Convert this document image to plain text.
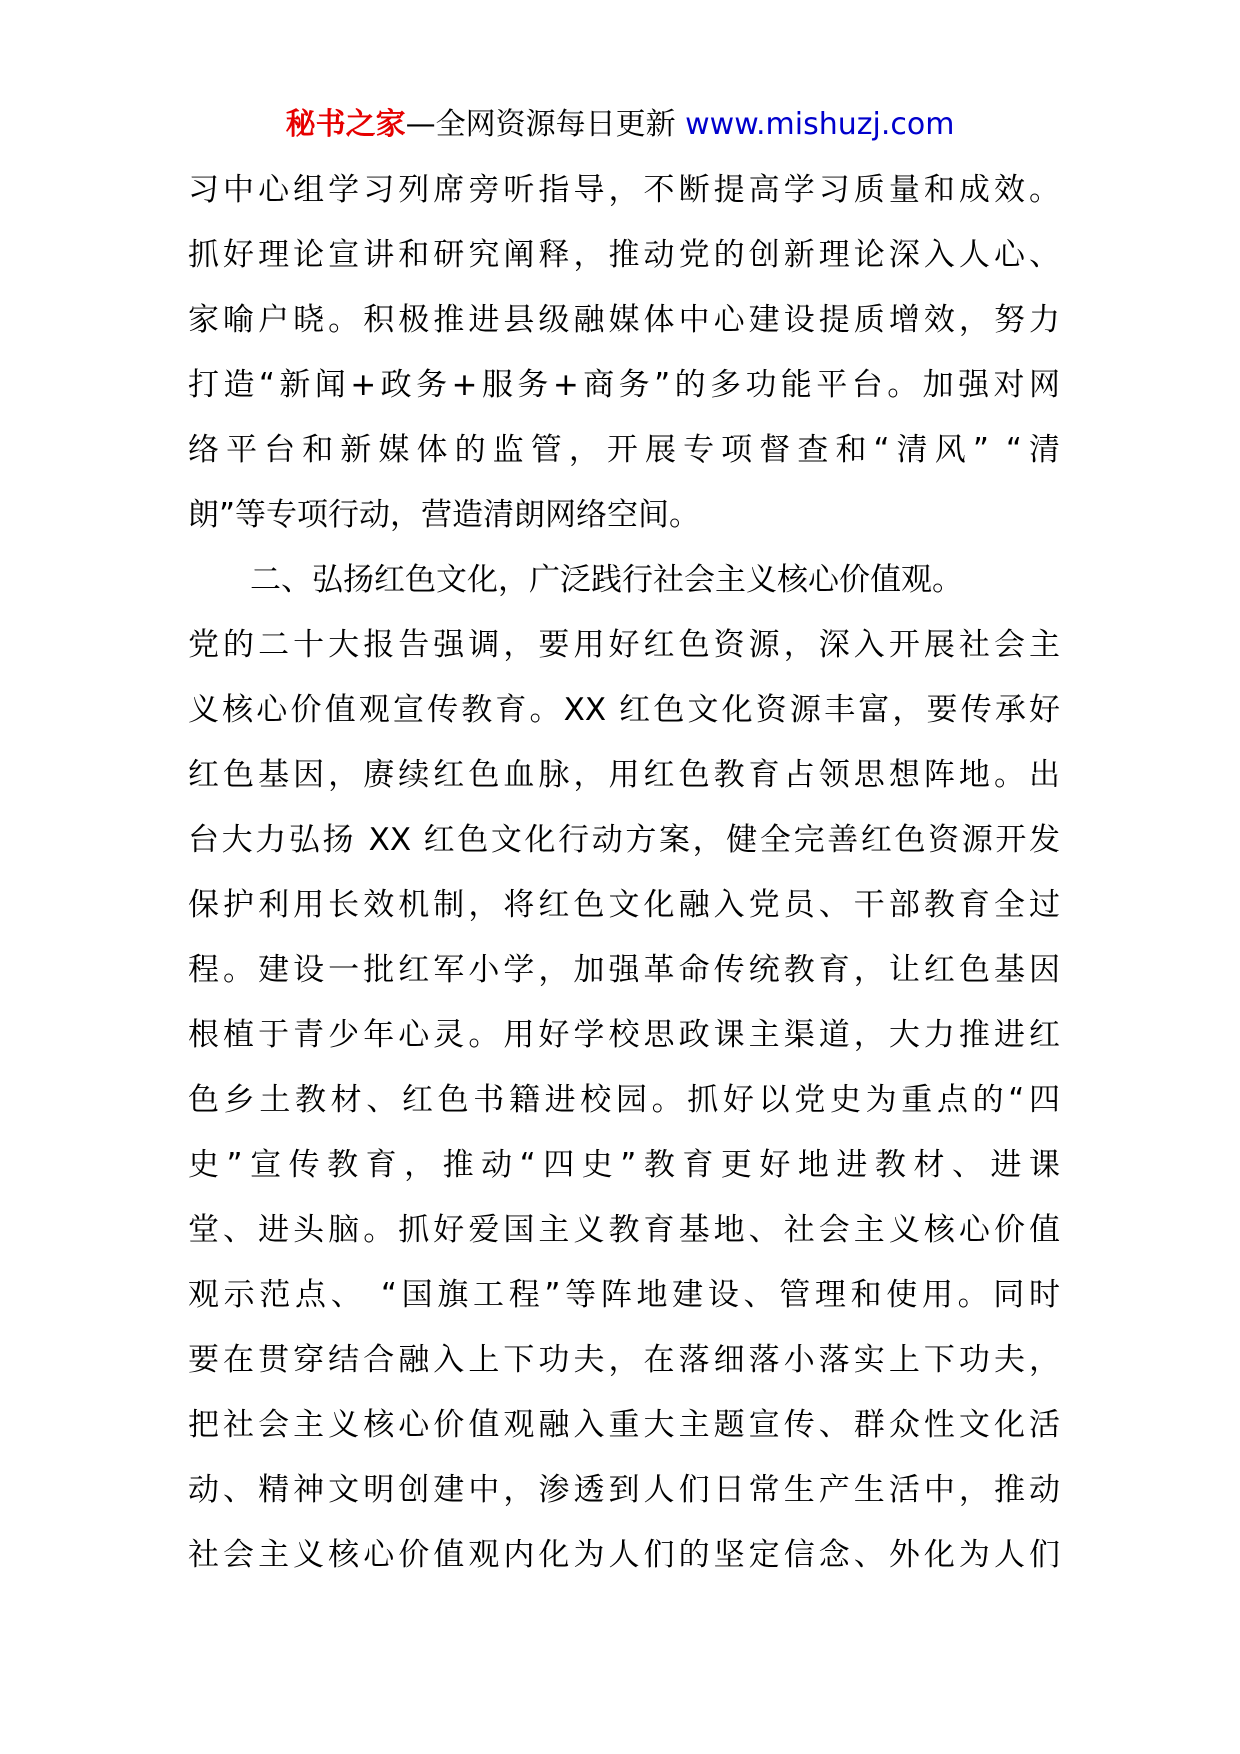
秘书之家—全网资源每日更新 www.mishuzj.com
习中心组学习列席旁听指导，不断提高学习质量和成效。
抓好理论宣讲和研究阐释，推动党的创新理论深入人心、
家喻户晓。积极推进县级融媒体中心建设提质增效，努力
打造“新闻+政务+服务+商务”的多功能平台。加强对网
络平台和新媒体的监管，开展专项督查和“清风” “清
朗”等专项行动，营造清朗网络空间。
二、弘扬红色文化，广泛践行社会主义核心价值观。
党的二十大报告强调，要用好红色资源，深入开展社会主
义核心价值观宣传教育。XX 红色文化资源丰富，要传承好
红色基因，赓续红色血脉，用红色教育占领思想阵地。出
台大力弘扬 XX 红色文化行动方案，健全完善红色资源开发
保护利用长效机制，将红色文化融入党员、干部教育全过
程。建设一批红军小学，加强革命传统教育，让红色基因
根植于青少年心灵。用好学校思政课主渠道，大力推进红
色乡土教材、红色书籍进校园。抓好以党史为重点的“四
史”宣传教育，推动“四史”教育更好地进教材、进课
堂、进头脑。抓好爱国主义教育基地、社会主义核心价值
观示范点、 “国旗工程”等阵地建设、管理和使用。同时
要在贯穿结合融入上下功夫，在落细落小落实上下功夫，
把社会主义核心价值观融入重大主题宣传、群众性文化活
动、精神文明创建中，渗透到人们日常生产生活中，推动
社会主义核心价值观内化为人们的坚定信念、外化为人们
